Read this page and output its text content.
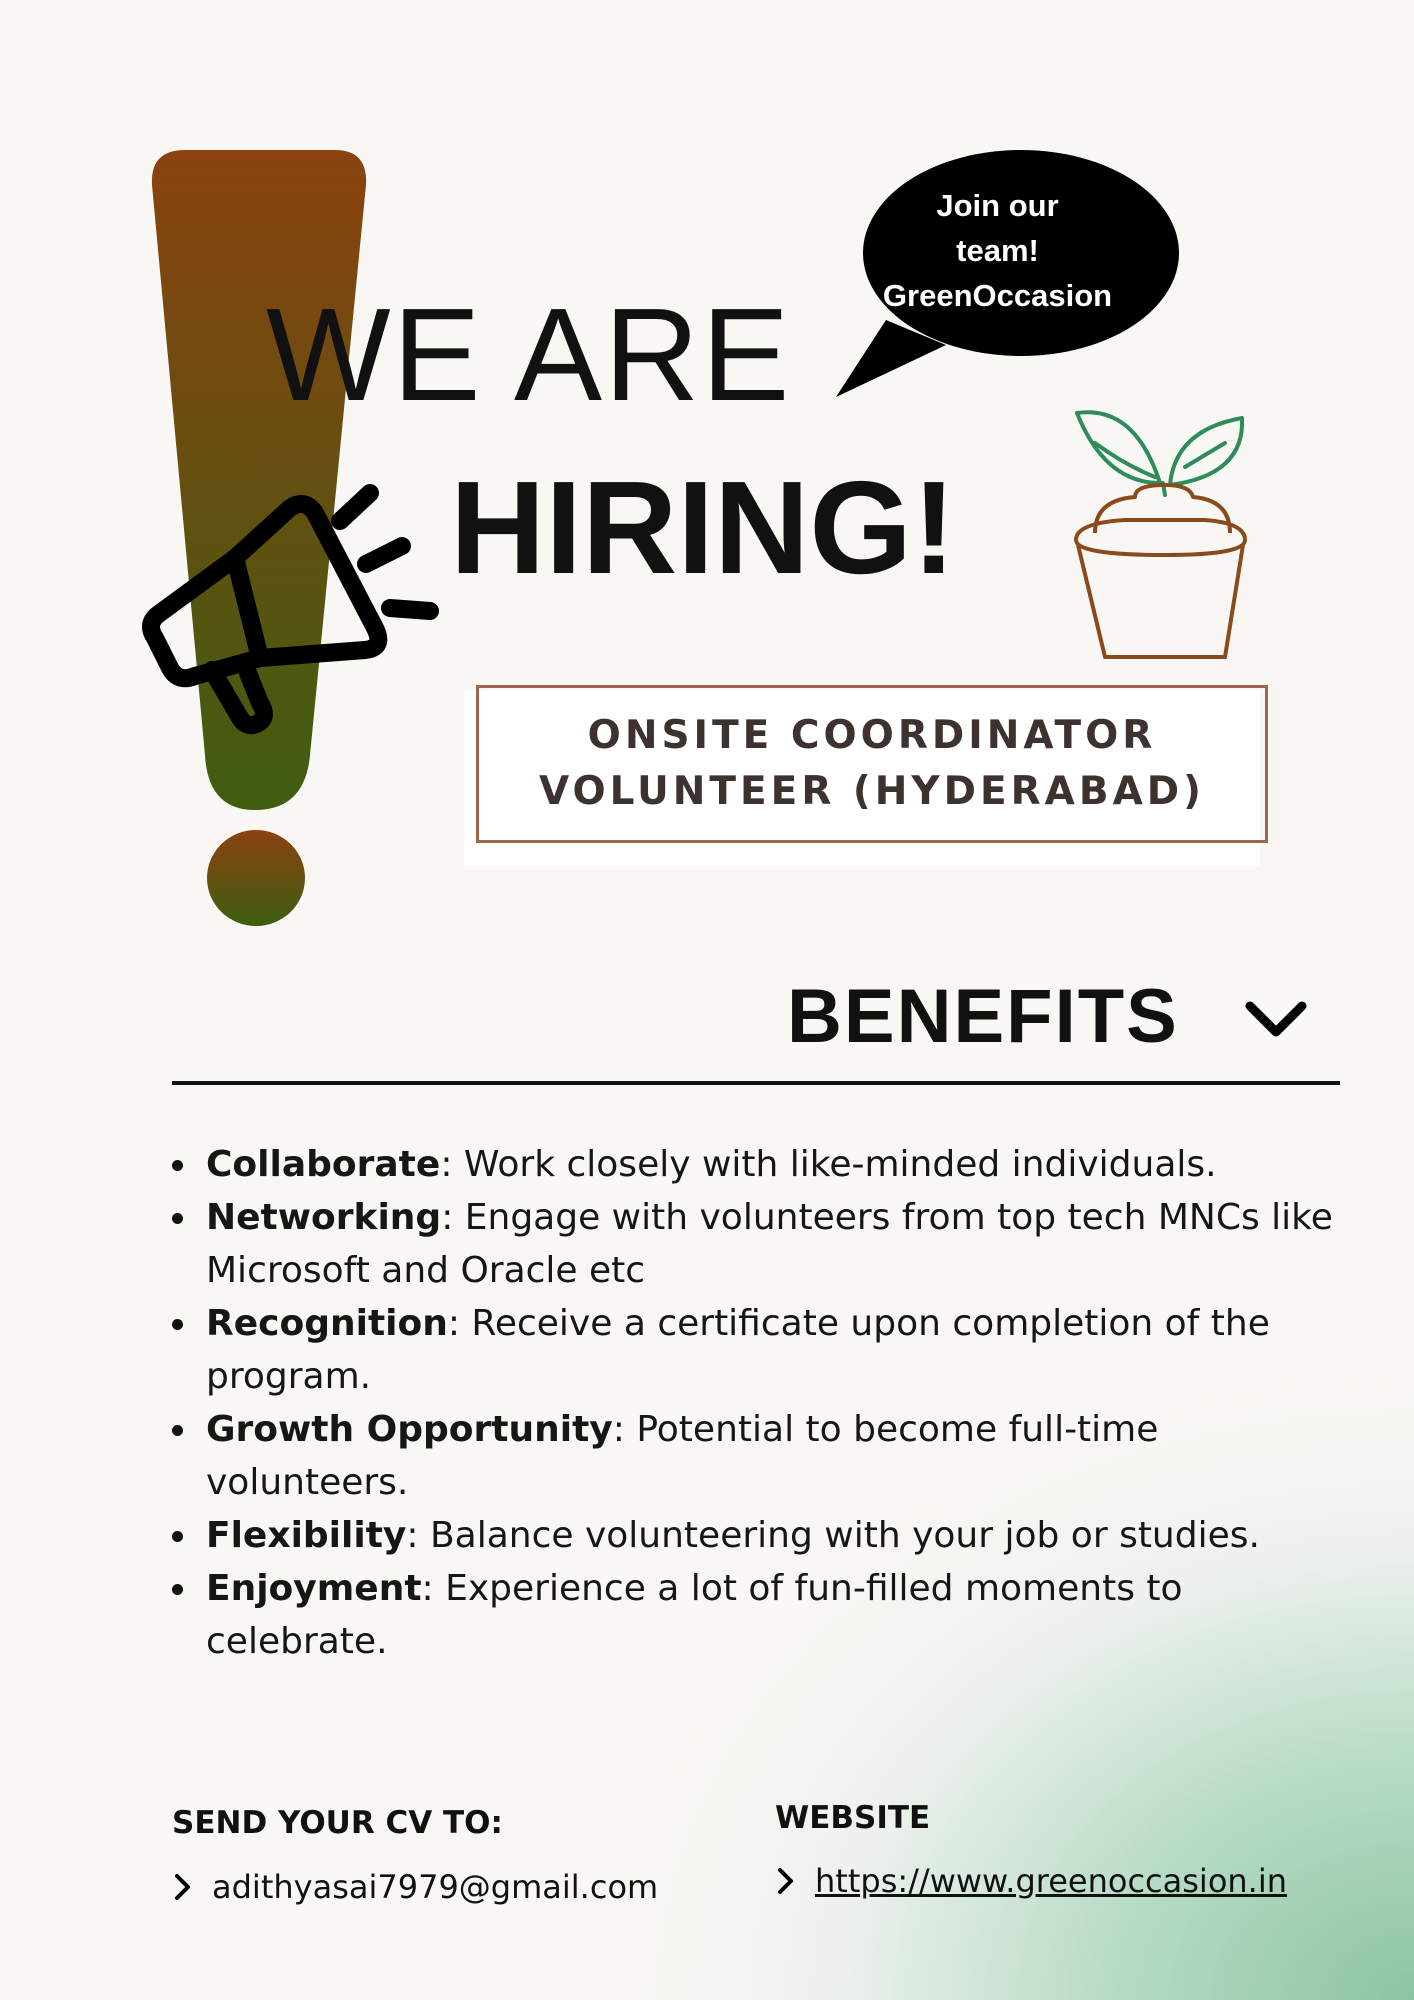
Join our
team!
GreenOccasion
WE ARE
HIRING!
ONSITE COORDINATOR
VOLUNTEER (HYDERABAD)
BENEFITS
Collaborate: Work closely with like-minded individuals.
Networking: Engage with volunteers from top tech MNCs like Microsoft and Oracle etc
Recognition: Receive a certificate upon completion of the program.
Growth Opportunity: Potential to become full-time volunteers.
Flexibility: Balance volunteering with your job or studies.
Enjoyment: Experience a lot of fun-filled moments to celebrate.
SEND YOUR CV TO:
adithyasai7979@gmail.com
WEBSITE
https://www.greenoccasion.in
